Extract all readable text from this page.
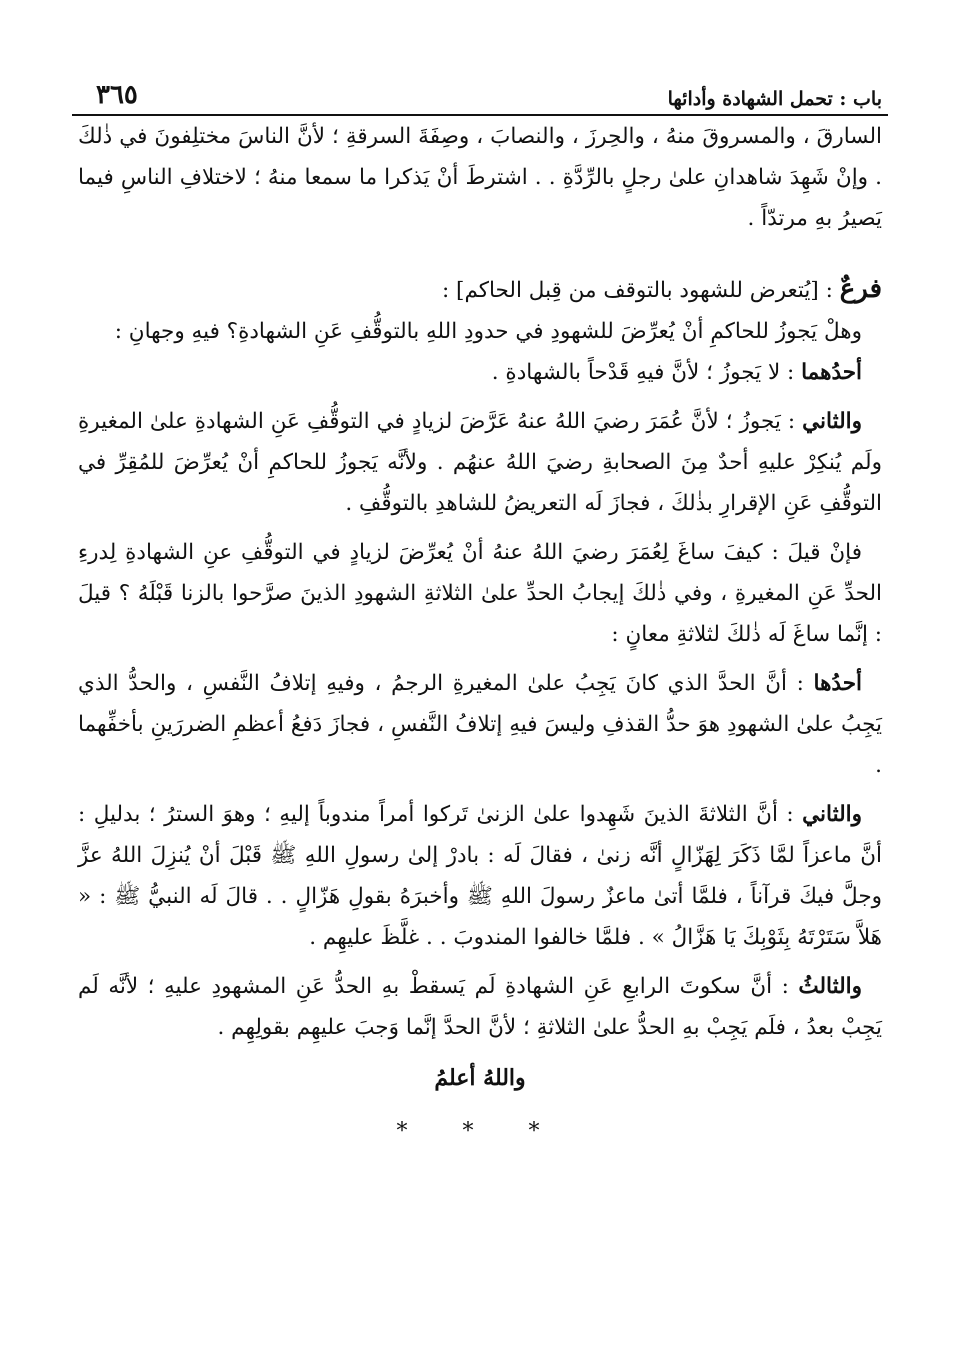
باب : تحمل الشهادة وأدائها
٣٦٥

السارقَ ، والمسروقَ منهُ ، والحِرزَ ، والنصابَ ، وصِفَةَ السرقةِ ؛ لأنَّ الناسَ مختلِفونَ في ذٰلكَ . وإنْ شَهِدَ شاهدانِ علىٰ رجلٍ بالرِّدَّةِ . . اشترطَ أنْ يَذكرا ما سمعا منهُ ؛ لاختلافِ الناسِ فيما يَصيرُ بهِ مرتدّاً .

فرعٌ : [يُتعرض للشهود بالتوقف من قِبل الحاكم] :

وهلْ يَجوزُ للحاكمِ أنْ يُعرِّضَ للشهودِ في حدودِ اللهِ بالتوقُّفِ عَنِ الشهادةِ؟ فيهِ وجهانِ :

أحدُهما : لا يَجوزُ ؛ لأنَّ فيهِ قَدْحاً بالشهادةِ .

والثاني : يَجوزُ ؛ لأنَّ عُمَرَ رضيَ اللهُ عنهُ عَرَّضَ لزيادٍ في التوقُّفِ عَنِ الشهادةِ علىٰ المغيرةِ ولَم يُنكِرْ عليهِ أحدٌ مِنَ الصحابةِ رضيَ اللهُ عنهُم . ولأنَّه يَجوزُ للحاكمِ أنْ يُعرِّضَ للمُقِرِّ في التوقُّفِ عَنِ الإقرارِ بذٰلكَ ، فجازَ لَه التعريضُ للشاهدِ بالتوقُّفِ .

فإنْ قيلَ : كيفَ ساغَ لِعُمَرَ رضيَ اللهُ عنهُ أنْ يُعرِّضَ لزيادٍ في التوقُّفِ عنِ الشهادةِ لِدرءِ الحدِّ عَنِ المغيرةِ ، وفي ذٰلكَ إيجابُ الحدِّ علىٰ الثلاثةِ الشهودِ الذينَ صرَّحوا بالزنا قَبْلَهُ ؟ قيلَ : إنَّما ساغَ لَه ذٰلكَ لثلاثةِ معانٍ :

أحدُها : أنَّ الحدَّ الذي كانَ يَجِبُ علىٰ المغيرةِ الرجمُ ، وفيهِ إتلافُ النَّفسِ ، والحدُّ الذي يَجِبُ علىٰ الشهودِ هوَ حدُّ القذفِ وليسَ فيهِ إتلافُ النَّفسِ ، فجازَ دَفعُ أعظمِ الضررَينِ بأخفِّهما .

والثاني : أنَّ الثلاثةَ الذينَ شَهِدوا علىٰ الزنىٰ تَركوا أمراً مندوباً إليهِ ؛ وهوَ السترُ ؛ بدليلِ : أنَّ ماعزاً لمَّا ذَكَرَ لِهَزّالٍ أنَّه زنىٰ ، فقالَ لَه : بادرْ إلىٰ رسولِ اللهِ ﷺ قَبْلَ أنْ يُنزِلَ اللهُ عزَّ وجلَّ فيكَ قرآناً ، فلمَّا أتىٰ ماعزٌ رسولَ اللهِ ﷺ وأخبرَهُ بقولِ هَزّالٍ . . قالَ لَه النبيُّ ﷺ : « هَلاَّ سَتَرْتَهُ بِثَوْبِكَ يَا هَزَّالُ » . فلمَّا خالفوا المندوبَ . . غلَّظَ عليهِم .

والثالثُ : أنَّ سكوتَ الرابعِ عَنِ الشهادةِ لَم يَسقطْ بهِ الحدُّ عَنِ المشهودِ عليهِ ؛ لأنَّه لَم يَجِبْ بعدُ ، فلَم يَجِبْ بهِ الحدُّ علىٰ الثلاثةِ ؛ لأنَّ الحدَّ إنَّما وَجبَ عليهِم بقولِهِم .

واللهُ أعلمُ

* * *
